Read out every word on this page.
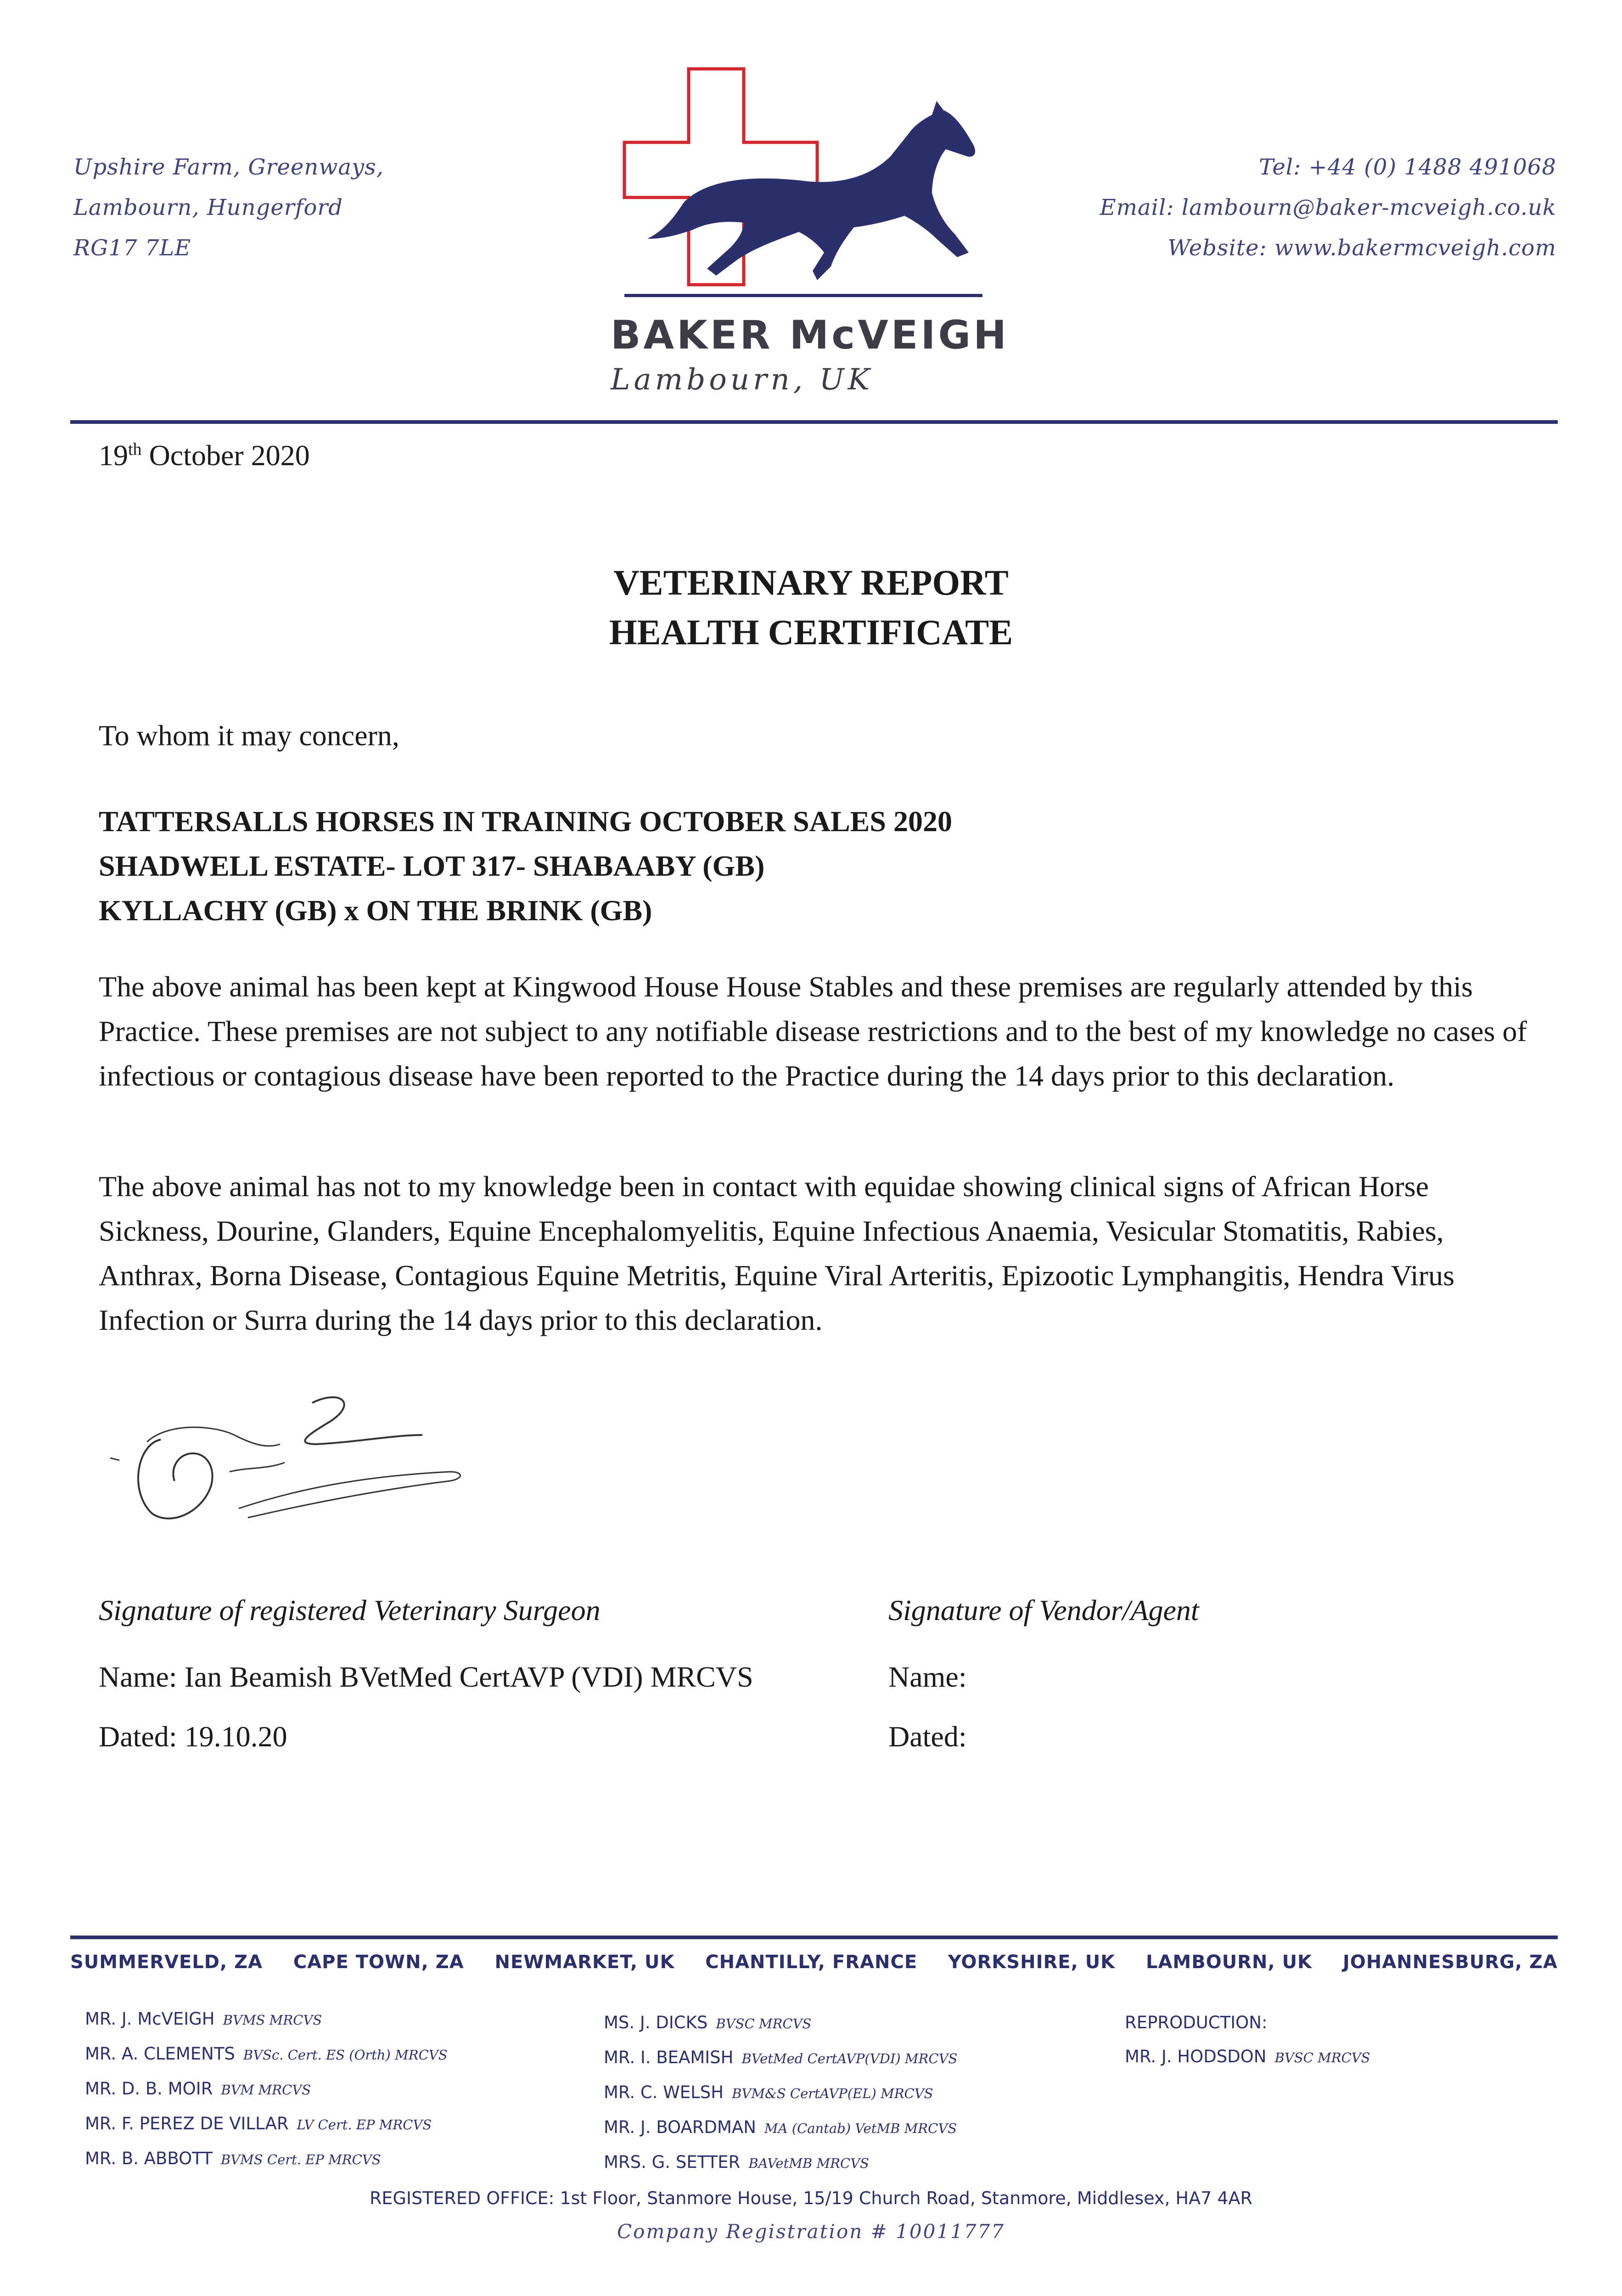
Upshire Farm, Greenways,
Lambourn, Hungerford
RG17 7LE
BAKER McVEIGH
Lambourn, UK
Tel: +44 (0) 1488 491068
Email: lambourn@baker-mcveigh.co.uk
Website: www.bakermcveigh.com
19th October 2020
VETERINARY REPORT
HEALTH CERTIFICATE
To whom it may concern,
TATTERSALLS HORSES IN TRAINING OCTOBER SALES 2020
SHADWELL ESTATE- LOT 317- SHABAABY (GB)
KYLLACHY (GB) x ON THE BRINK (GB)
The above animal has been kept at Kingwood House House Stables and these premises are regularly attended by this Practice. These premises are not subject to any notifiable disease restrictions and to the best of my knowledge no cases of infectious or contagious disease have been reported to the Practice during the 14 days prior to this declaration.
The above animal has not to my knowledge been in contact with equidae showing clinical signs of African Horse Sickness, Dourine, Glanders, Equine Encephalomyelitis, Equine Infectious Anaemia, Vesicular Stomatitis, Rabies, Anthrax, Borna Disease, Contagious Equine Metritis, Equine Viral Arteritis, Epizootic Lymphangitis, Hendra Virus Infection or Surra during the 14 days prior to this declaration.
Signature of registered Veterinary Surgeon	Signature of Vendor/Agent
Name: Ian Beamish BVetMed CertAVP (VDI) MRCVS	Name:
Dated: 19.10.20	Dated:
SUMMERVELD, ZA CAPE TOWN, ZA NEWMARKET, UK CHANTILLY, FRANCE YORKSHIRE, UK LAMBOURN, UK JOHANNESBURG, ZA
MR. J. McVEIGH BVMS MRCVS
MR. A. CLEMENTS BVSc. Cert. ES (Orth) MRCVS
MR. D. B. MOIR BVM MRCVS
MR. F. PEREZ DE VILLAR LV Cert. EP MRCVS
MR. B. ABBOTT BVMS Cert. EP MRCVS
MS. J. DICKS BVSC MRCVS
MR. I. BEAMISH BVetMed CertAVP(VDI) MRCVS
MR. C. WELSH BVM&S CertAVP(EL) MRCVS
MR. J. BOARDMAN MA (Cantab) VetMB MRCVS
MRS. G. SETTER BAVetMB MRCVS
REPRODUCTION:
MR. J. HODSDON BVSC MRCVS
REGISTERED OFFICE: 1st Floor, Stanmore House, 15/19 Church Road, Stanmore, Middlesex, HA7 4AR
Company Registration # 10011777
